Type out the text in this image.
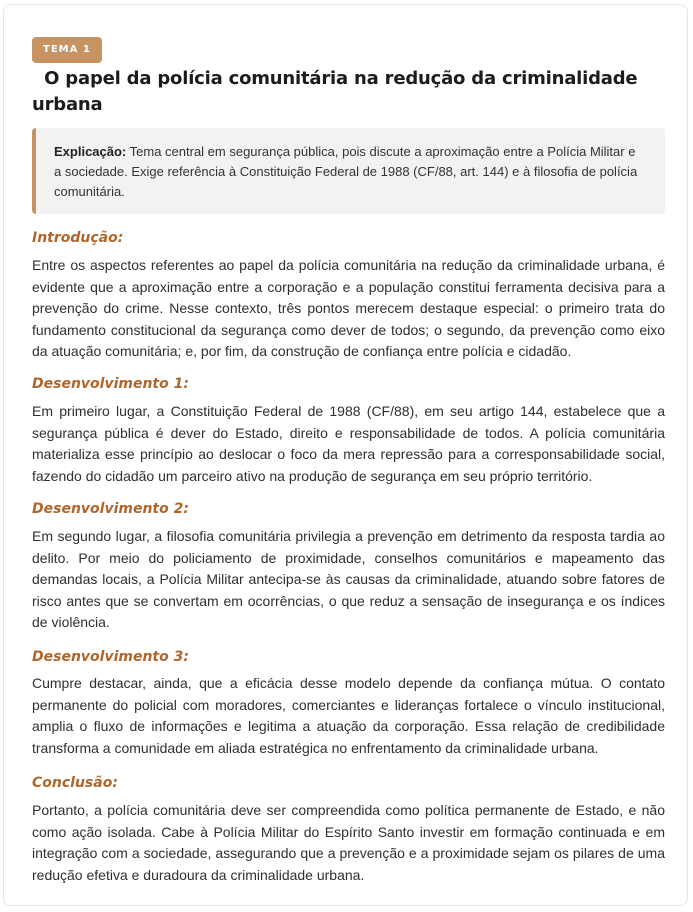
TEMA 1
O papel da polícia comunitária na redução da criminalidade urbana
Explicação: Tema central em segurança pública, pois discute a aproximação entre a Polícia Militar e a sociedade. Exige referência à Constituição Federal de 1988 (CF/88, art. 144) e à filosofia de polícia comunitária.
Introdução:
Entre os aspectos referentes ao papel da polícia comunitária na redução da criminalidade urbana, é evidente que a aproximação entre a corporação e a população constitui ferramenta decisiva para a prevenção do crime. Nesse contexto, três pontos merecem destaque especial: o primeiro trata do fundamento constitucional da segurança como dever de todos; o segundo, da prevenção como eixo da atuação comunitária; e, por fim, da construção de confiança entre polícia e cidadão.
Desenvolvimento 1:
Em primeiro lugar, a Constituição Federal de 1988 (CF/88), em seu artigo 144, estabelece que a segurança pública é dever do Estado, direito e responsabilidade de todos. A polícia comunitária materializa esse princípio ao deslocar o foco da mera repressão para a corresponsabilidade social, fazendo do cidadão um parceiro ativo na produção de segurança em seu próprio território.
Desenvolvimento 2:
Em segundo lugar, a filosofia comunitária privilegia a prevenção em detrimento da resposta tardia ao delito. Por meio do policiamento de proximidade, conselhos comunitários e mapeamento das demandas locais, a Polícia Militar antecipa-se às causas da criminalidade, atuando sobre fatores de risco antes que se convertam em ocorrências, o que reduz a sensação de insegurança e os índices de violência.
Desenvolvimento 3:
Cumpre destacar, ainda, que a eficácia desse modelo depende da confiança mútua. O contato permanente do policial com moradores, comerciantes e lideranças fortalece o vínculo institucional, amplia o fluxo de informações e legitima a atuação da corporação. Essa relação de credibilidade transforma a comunidade em aliada estratégica no enfrentamento da criminalidade urbana.
Conclusão:
Portanto, a polícia comunitária deve ser compreendida como política permanente de Estado, e não como ação isolada. Cabe à Polícia Militar do Espírito Santo investir em formação continuada e em integração com a sociedade, assegurando que a prevenção e a proximidade sejam os pilares de uma redução efetiva e duradoura da criminalidade urbana.
